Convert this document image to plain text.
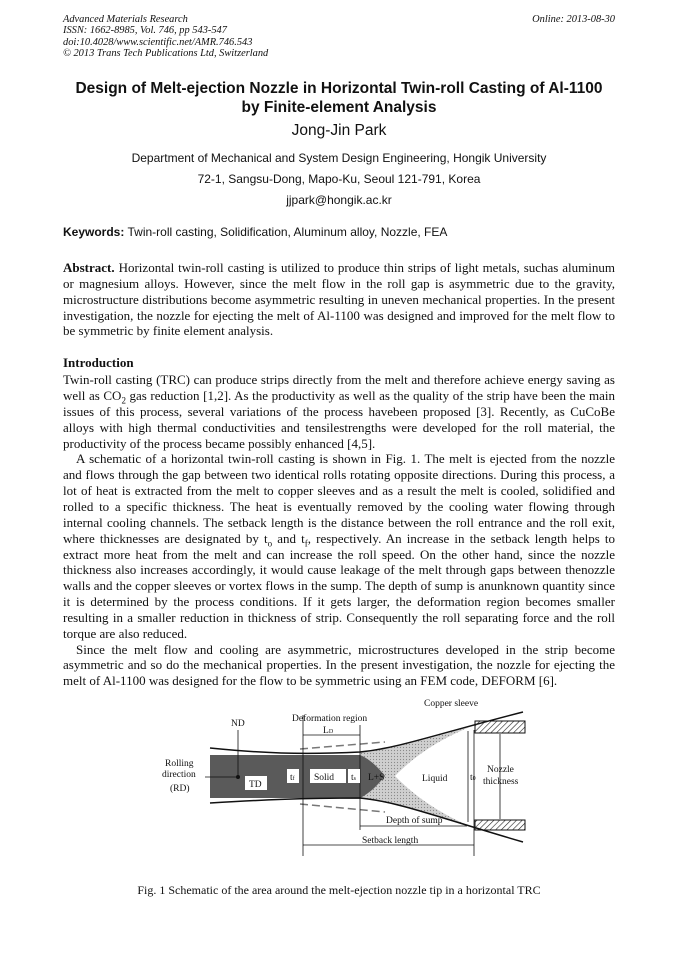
Advanced Materials Research
ISSN: 1662-8985, Vol. 746, pp 543-547
doi:10.4028/www.scientific.net/AMR.746.543
© 2013 Trans Tech Publications Ltd, Switzerland
Online: 2013-08-30
Design of Melt-ejection Nozzle in Horizontal Twin-roll Casting of Al-1100
by Finite-element Analysis
Jong-Jin Park
Department of Mechanical and System Design Engineering, Hongik University
72-1, Sangsu-Dong, Mapo-Ku, Seoul 121-791, Korea
jjpark@hongik.ac.kr
Keywords: Twin-roll casting, Solidification, Aluminum alloy, Nozzle, FEA
Abstract. Horizontal twin-roll casting is utilized to produce thin strips of light metals, suchas aluminum or magnesium alloys. However, since the melt flow in the roll gap is asymmetric due to the gravity, microstructure distributions become asymmetric resulting in uneven mechanical properties. In the present investigation, the nozzle for ejecting the melt of Al-1100 was designed and improved for the melt flow to be symmetric by finite element analysis.
Introduction
Twin-roll casting (TRC) can produce strips directly from the melt and therefore achieve energy saving as well as $CO_2$ gas reduction [1,2]. As the productivity as well as the quality of the strip have been the main issues of this process, several variations of the process havebeen proposed [3]. Recently, as CuCoBe alloys with high thermal conductivities and tensilestrengths were developed for the roll material, the productivity of the process became possibly enhanced [4,5].
A schematic of a horizontal twin-roll casting is shown in Fig. 1. The melt is ejected from the nozzle and flows through the gap between two identical rolls rotating opposite directions. During this process, a lot of heat is extracted from the melt to copper sleeves and as a result the melt is cooled, solidified and rolled to a specific thickness. The heat is eventually removed by the cooling water flowing through internal cooling channels. The setback length is the distance between the roll entrance and the roll exit, where thicknesses are designated by $t_o$ and $t_f$, respectively. An increase in the setback length helps to extract more heat from the melt and can increase the roll speed. On the other hand, since the nozzle thickness also increases accordingly, it would cause leakage of the melt through gaps between thenozzle walls and the copper sleeves or vortex flows in the sump. The depth of sump is anunknown quantity since it is determined by the process conditions. If it gets larger, the deformation region becomes smaller resulting in a smaller reduction in thickness of strip. Consequently the roll separating force and the roll torque are also reduced.
Since the melt flow and cooling are asymmetric, microstructures developed in the strip become asymmetric and so do the mechanical properties. In the present investigation, the nozzle for ejecting the melt of Al-1100 was designed for the flow to be symmetric using an FEM code, DEFORM [6].
Copper sleeve
Deformation region
LD
ND
Rolling
direction
(RD)	TD
tf Solid ts L+S	Liquid t0
Nozzle
thickness
Depth of sump
Setback length
Fig. 1 Schematic of the area around the melt-ejection nozzle tip in a horizontal TRC
